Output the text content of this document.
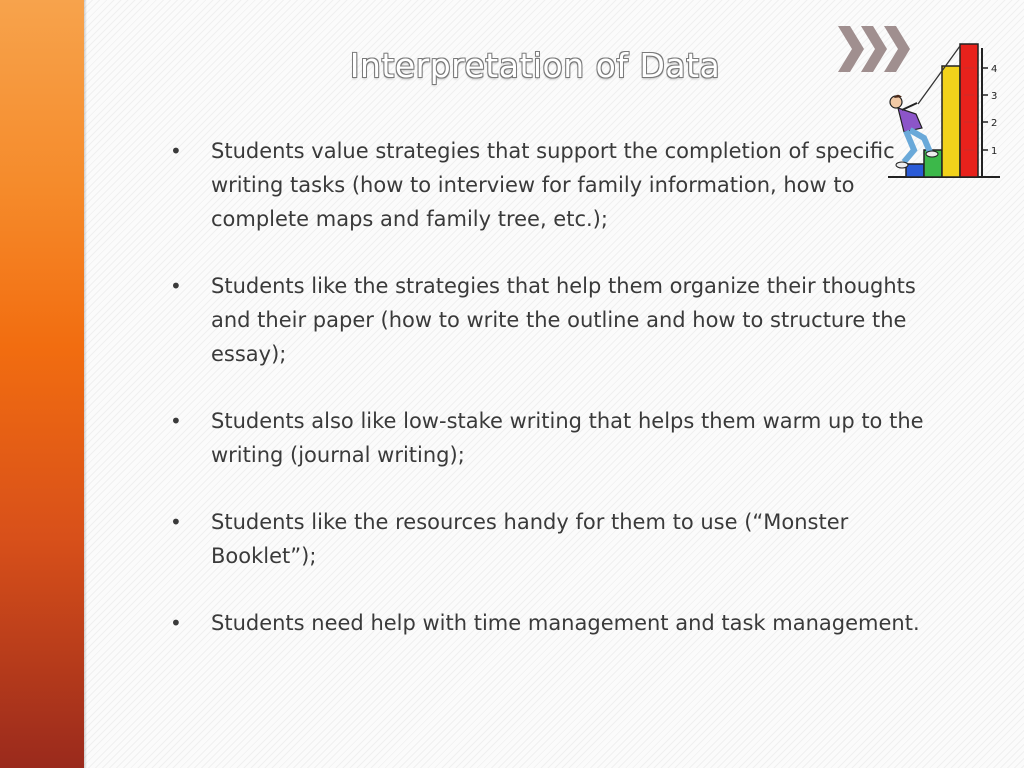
Interpretation of Data	4
3
2
1
• Students value strategies that support the completion of specific writing tasks (how to interview for family information, how to complete maps and family tree, etc.);
• Students like the strategies that help them organize their thoughts and their paper (how to write the outline and how to structure the essay);
• Students also like low-stake writing that helps them warm up to the writing (journal writing);
• Students like the resources handy for them to use (“Monster Booklet”);
• Students need help with time management and task management.
